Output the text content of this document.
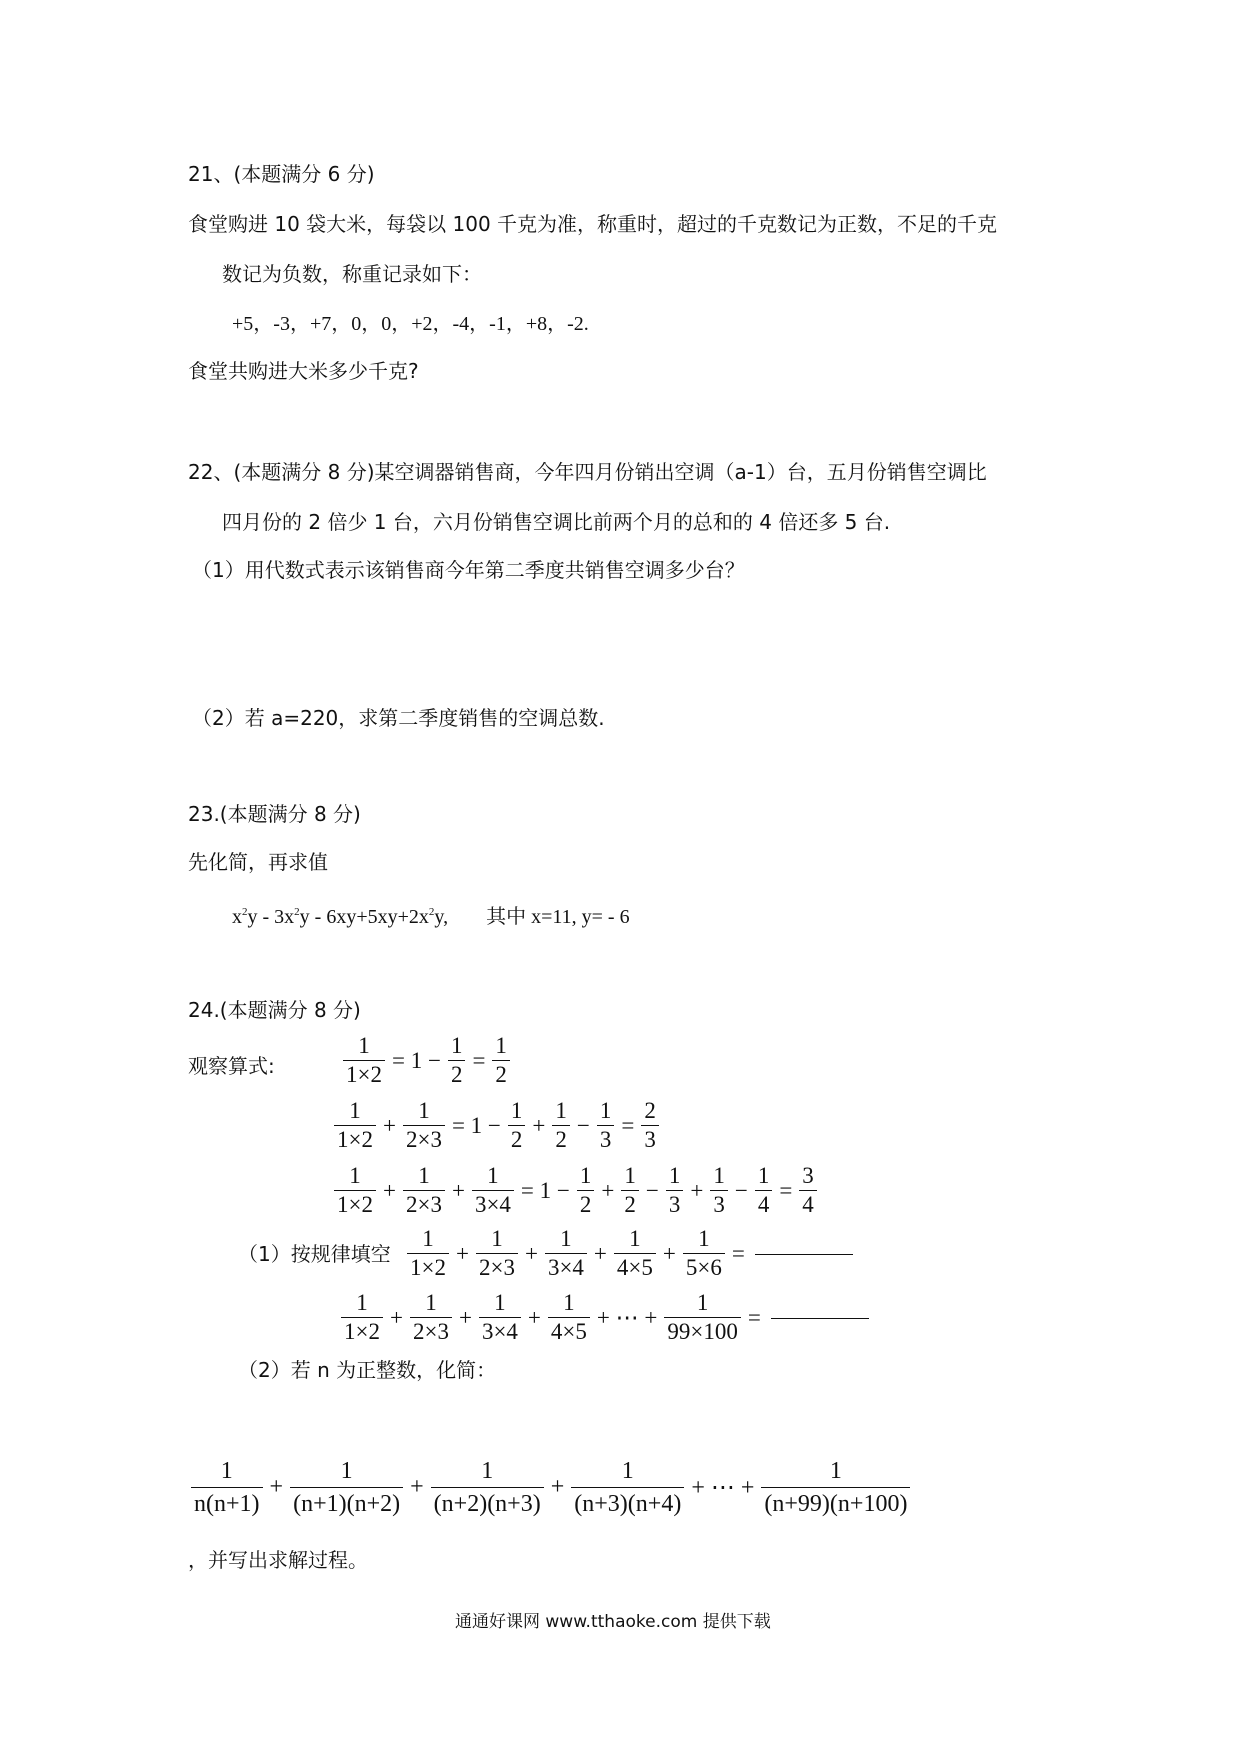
21、(本题满分 6 分)
食堂购进 10 袋大米，每袋以 100 千克为准，称重时，超过的千克数记为正数，不足的千克
数记为负数，称重记录如下：
+5，-3，+7，0，0，+2，-4，-1，+8，-2.
食堂共购进大米多少千克?
22、(本题满分 8 分)某空调器销售商，今年四月份销出空调（a-1）台，五月份销售空调比
四月份的 2 倍少 1 台，六月份销售空调比前两个月的总和的 4 倍还多 5 台.
（1）用代数式表示该销售商今年第二季度共销售空调多少台？
（2）若 a=220，求第二季度销售的空调总数.
23.(本题满分 8 分)
先化简，再求值
$x^2y - 3x^2y - 6xy+5xy+2x^2y$, 其中 x=11, y= - 6
24.(本题满分 8 分)
观察算式:	$\frac{1}{1\times 2} = 1 - \frac{1}{2} = \frac{1}{2}$
$\frac{1}{1\times 2} + \frac{1}{2\times 3} = 1 - \frac{1}{2} + \frac{1}{2} - \frac{1}{3} = \frac{2}{3}$
$\frac{1}{1\times 2} + \frac{1}{2\times 3} + \frac{1}{3\times 4} = 1 - \frac{1}{2} + \frac{1}{2} - \frac{1}{3} + \frac{1}{3} - \frac{1}{4} = \frac{3}{4}$
（1）按规律填空 $\frac{1}{1\times 2} + \frac{1}{2\times 3} + \frac{1}{3\times 4} + \frac{1}{4\times 5} + \frac{1}{5\times 6}$ =
$\frac{1}{1\times 2} + \frac{1}{2\times 3} + \frac{1}{3\times 4} + \frac{1}{4\times 5}$ + ⋯ + $\frac{1}{99\times 100}$ =
（2）若 n 为正整数，化简：
$\frac{1}{n(n+1)} + \frac{1}{(n+1)(n+2)} + \frac{1}{(n+2)(n+3)} + \frac{1}{(n+3)(n+4)}$ + ⋯ + $\frac{1}{(n+99)(n+100)}$
，并写出求解过程。
通通好课网 www.tthaoke.com 提供下载
